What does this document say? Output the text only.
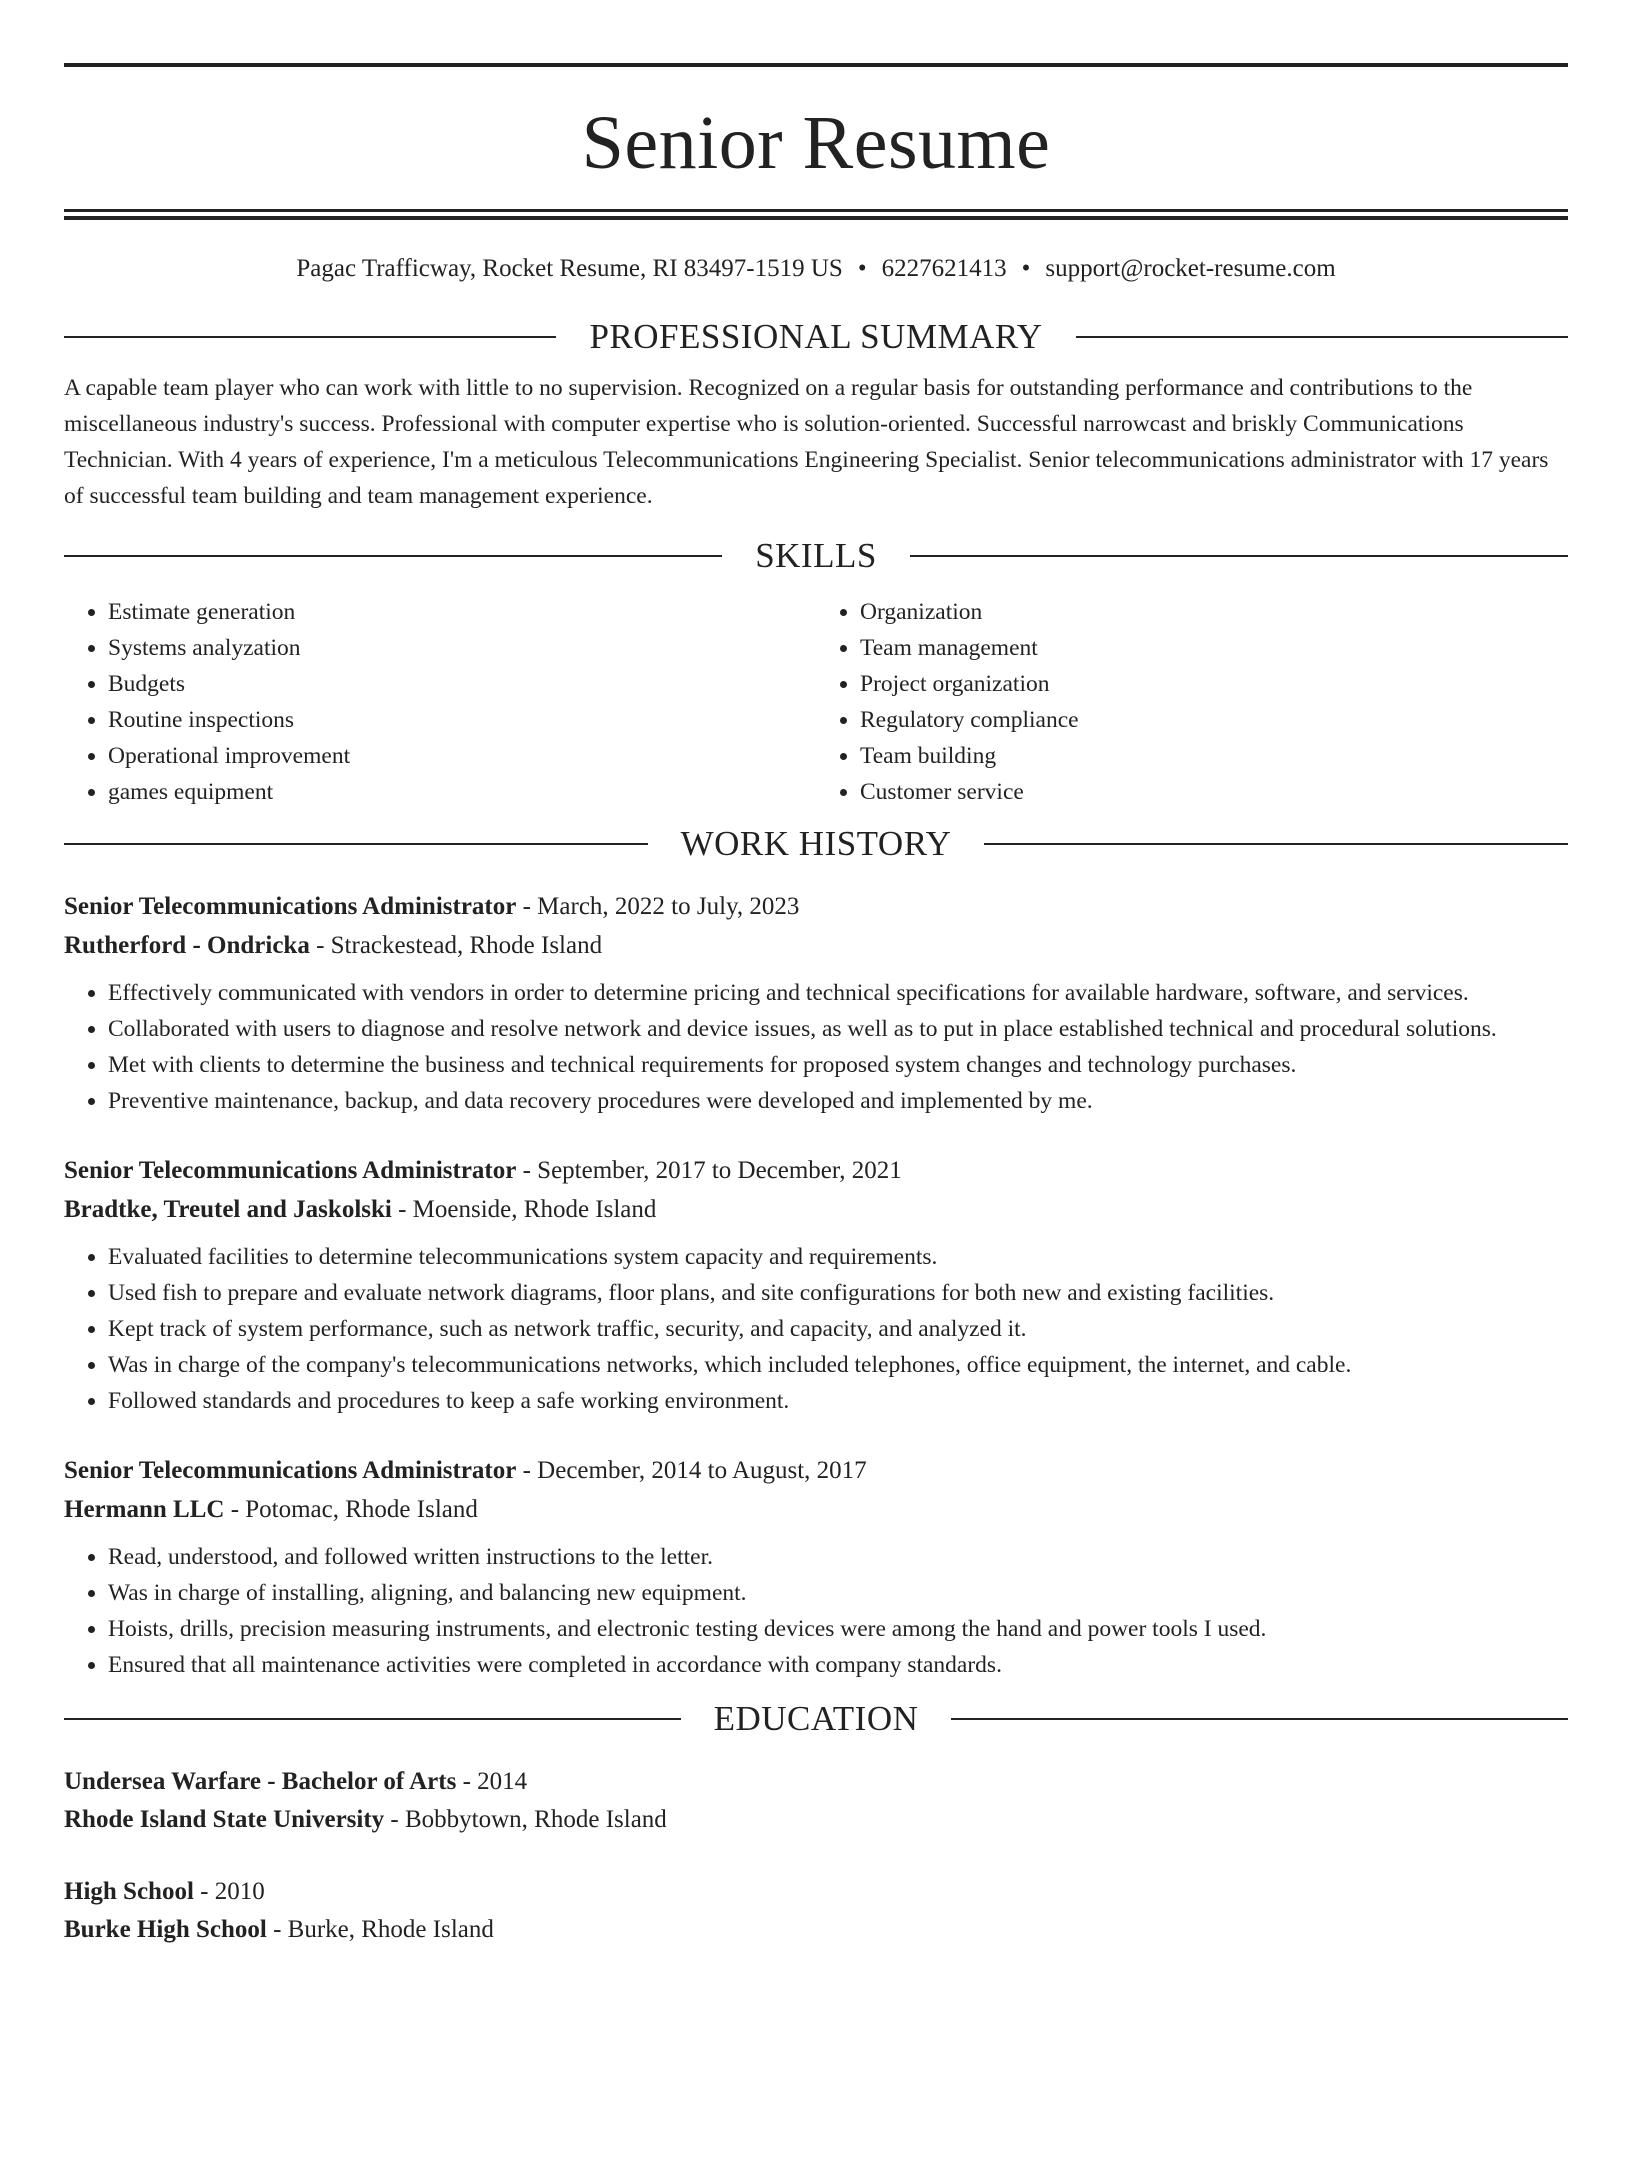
Senior Resume
Pagac Trafficway, Rocket Resume, RI 83497-1519 US • 6227621413 • support@rocket-resume.com
PROFESSIONAL SUMMARY

A capable team player who can work with little to no supervision. Recognized on a regular basis for outstanding performance and contributions to the miscellaneous industry's success. Professional with computer expertise who is solution-oriented. Successful narrowcast and briskly Communications Technician. With 4 years of experience, I'm a meticulous Telecommunications Engineering Specialist. Senior telecommunications administrator with 17 years of successful team building and team management experience.

SKILLS
• Estimate generation
• Systems analyzation
• Budgets
• Routine inspections
• Operational improvement
• games equipment
• Organization
• Team management
• Project organization
• Regulatory compliance
• Team building
• Customer service
WORK HISTORY
Senior Telecommunications Administrator - March, 2022 to July, 2023
Rutherford - Ondricka - Strackestead, Rhode Island
• Effectively communicated with vendors in order to determine pricing and technical specifications for available hardware, software, and services.
• Collaborated with users to diagnose and resolve network and device issues, as well as to put in place established technical and procedural solutions.
• Met with clients to determine the business and technical requirements for proposed system changes and technology purchases.
• Preventive maintenance, backup, and data recovery procedures were developed and implemented by me.
Senior Telecommunications Administrator - September, 2017 to December, 2021
Bradtke, Treutel and Jaskolski - Moenside, Rhode Island
• Evaluated facilities to determine telecommunications system capacity and requirements.
• Used fish to prepare and evaluate network diagrams, floor plans, and site configurations for both new and existing facilities.
• Kept track of system performance, such as network traffic, security, and capacity, and analyzed it.
• Was in charge of the company's telecommunications networks, which included telephones, office equipment, the internet, and cable.
• Followed standards and procedures to keep a safe working environment.
Senior Telecommunications Administrator - December, 2014 to August, 2017
Hermann LLC - Potomac, Rhode Island
• Read, understood, and followed written instructions to the letter.
• Was in charge of installing, aligning, and balancing new equipment.
• Hoists, drills, precision measuring instruments, and electronic testing devices were among the hand and power tools I used.
• Ensured that all maintenance activities were completed in accordance with company standards.
EDUCATION
Undersea Warfare - Bachelor of Arts - 2014
Rhode Island State University - Bobbytown, Rhode Island
High School - 2010
Burke High School - Burke, Rhode Island
